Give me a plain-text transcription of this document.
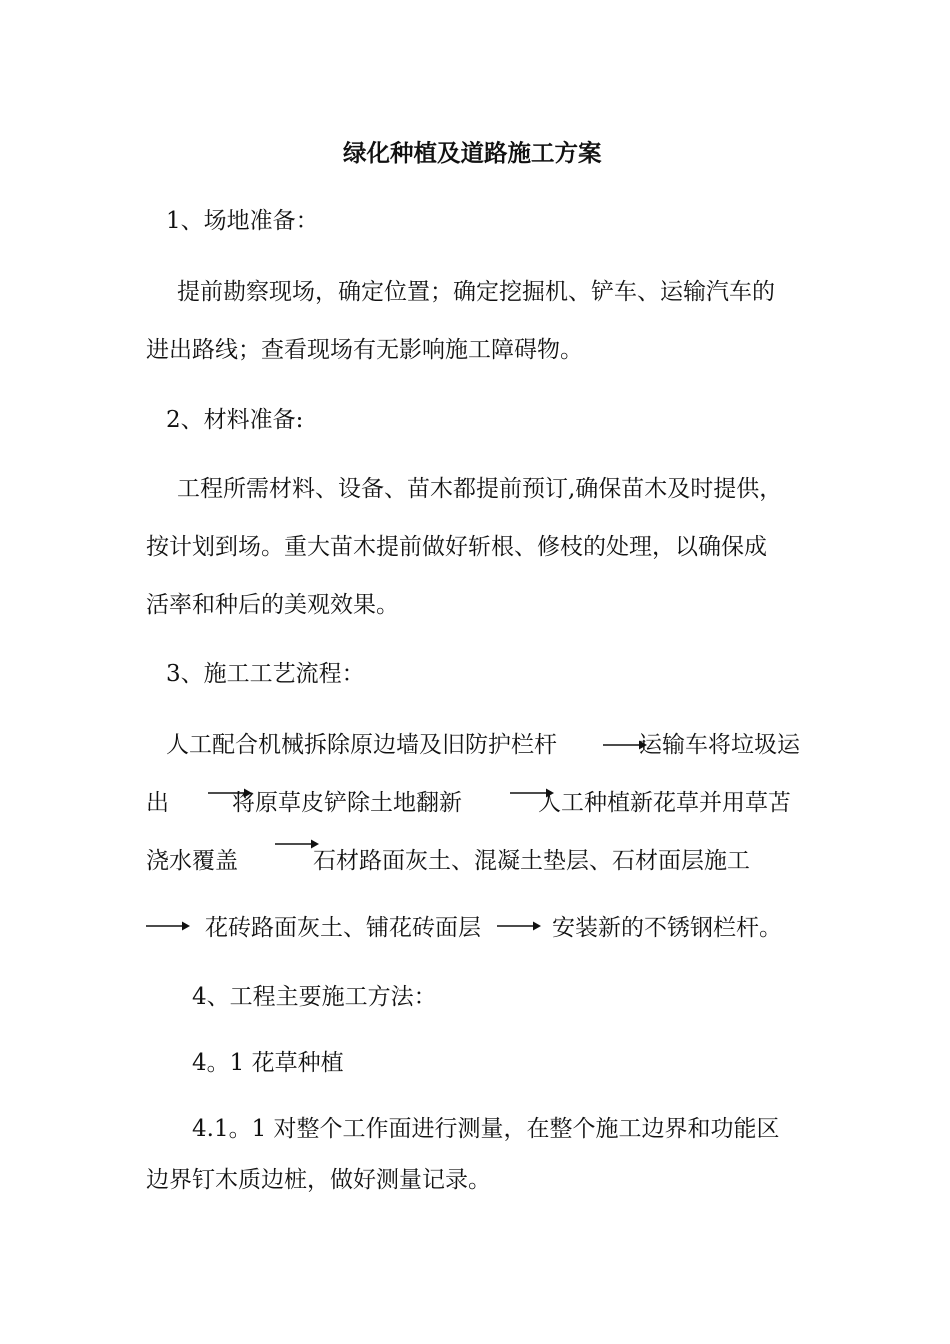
绿化种植及道路施工方案
1、场地准备：
提前勘察现场，确定位置；确定挖掘机、铲车、运输汽车的
进出路线；查看现场有无影响施工障碍物。
2、材料准备:
工程所需材料、设备、苗木都提前预订,确保苗木及时提供，
按计划到场。重大苗木提前做好斩根、修枝的处理，以确保成
活率和种后的美观效果。
3、施工工艺流程：
人工配合机械拆除原边墙及旧防护栏杆	运输车将垃圾运
出	将原草皮铲除土地翻新	人工种植新花草并用草苫
浇水覆盖	石材路面灰土、混凝土垫层、石材面层施工
花砖路面灰土、铺花砖面层	安装新的不锈钢栏杆。
4、工程主要施工方法：
4。1 花草种植
4.1。1 对整个工作面进行测量，在整个施工边界和功能区
边界钉木质边桩，做好测量记录。
